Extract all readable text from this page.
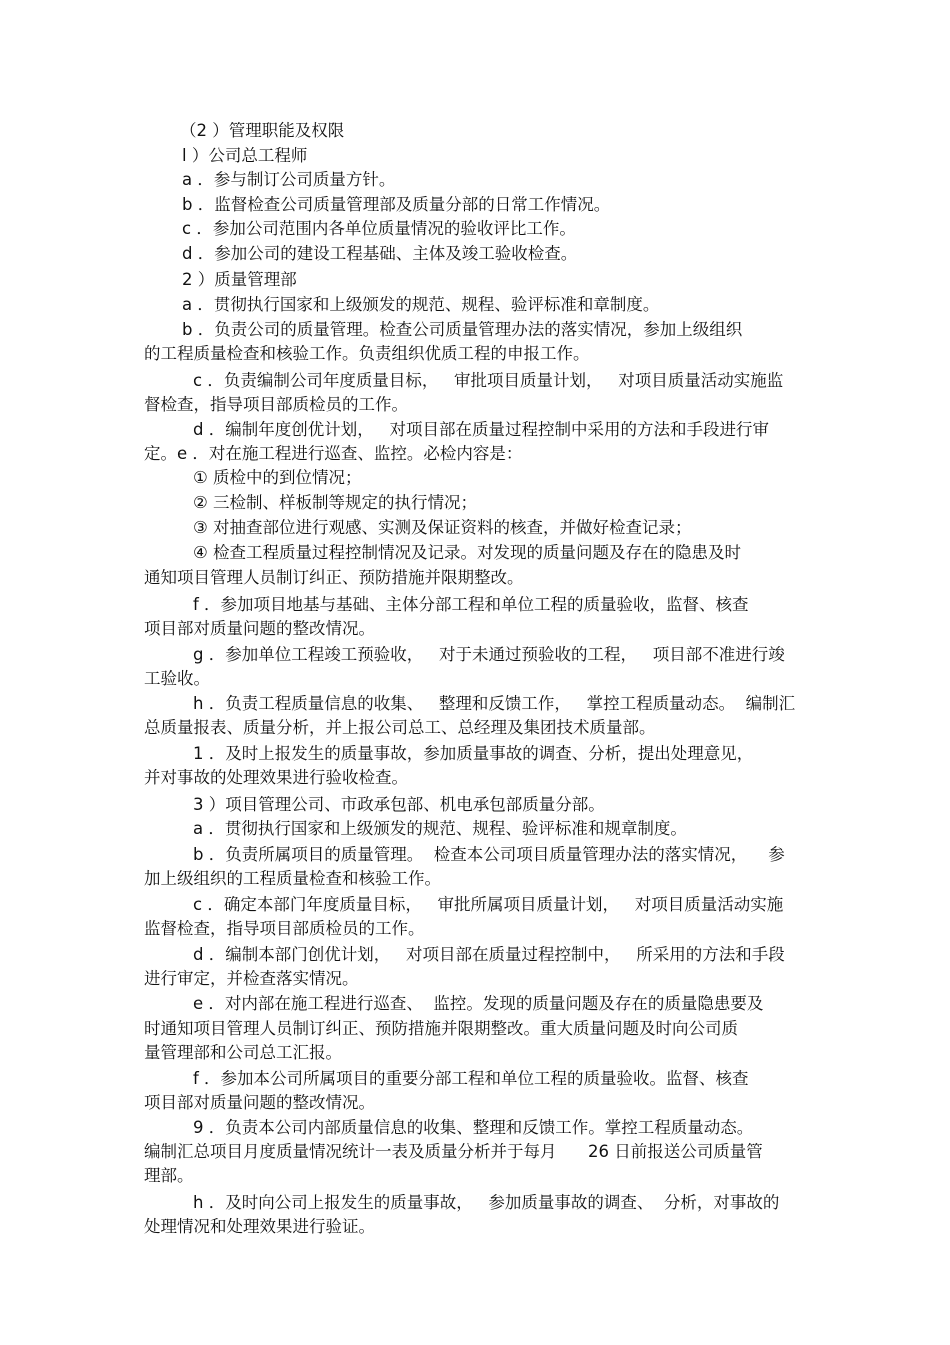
（2 ）管理职能及权限
l ）公司总工程师
a ．参与制订公司质量方针。
b ．监督检查公司质量管理部及质量分部的日常工作情况。
c ．参加公司范围内各单位质量情况的验收评比工作。
d ．参加公司的建设工程基础、主体及竣工验收检查。
2 ）质量管理部
a ．贯彻执行国家和上级颁发的规范、规程、验评标准和章制度。
b ．负责公司的质量管理。检查公司质量管理办法的落实情况，参加上级组织
的工程质量检查和核验工作。负责组织优质工程的申报工作。
c ．负责编制公司年度质量目标，   审批项目质量计划，   对项目质量活动实施监
督检查，指导项目部质检员的工作。
d ．编制年度创优计划，   对项目部在质量过程控制中采用的方法和手段进行审
定。e ．对在施工程进行巡查、监控。必检内容是：
① 质检中的到位情况；
② 三检制、样板制等规定的执行情况；
③ 对抽查部位进行观感、实测及保证资料的核查，并做好检查记录；
④ 检查工程质量过程控制情况及记录。对发现的质量问题及存在的隐患及时
通知项目管理人员制订纠正、预防措施并限期整改。
f ．参加项目地基与基础、主体分部工程和单位工程的质量验收，监督、核查
项目部对质量问题的整改情况。
g ．参加单位工程竣工预验收，   对于未通过预验收的工程，   项目部不准进行竣
工验收。
h ．负责工程质量信息的收集、   整理和反馈工作，   掌控工程质量动态。  编制汇
总质量报表、质量分析，并上报公司总工、总经理及集团技术质量部。
1 ．及时上报发生的质量事故，参加质量事故的调查、分析，提出处理意见，
并对事故的处理效果进行验收检查。
3 ）项目管理公司、市政承包部、机电承包部质量分部。
a ．贯彻执行国家和上级颁发的规范、规程、验评标准和规章制度。
b ．负责所属项目的质量管理。  检查本公司项目质量管理办法的落实情况，    参
加上级组织的工程质量检查和核验工作。
c ．确定本部门年度质量目标，   审批所属项目质量计划，   对项目质量活动实施
监督检查，指导项目部质检员的工作。
d ．编制本部门创优计划，   对项目部在质量过程控制中，   所采用的方法和手段
进行审定，并检查落实情况。
e ．对内部在施工程进行巡查、  监控。发现的质量问题及存在的质量隐患要及
时通知项目管理人员制订纠正、预防措施并限期整改。重大质量问题及时向公司质
量管理部和公司总工汇报。
f ．参加本公司所属项目的重要分部工程和单位工程的质量验收。监督、核查
项目部对质量问题的整改情况。
9 ．负责本公司内部质量信息的收集、整理和反馈工作。掌控工程质量动态。
编制汇总项目月度质量情况统计一表及质量分析并于每月      26 日前报送公司质量管
理部。
h ．及时向公司上报发生的质量事故，   参加质量事故的调查、  分析，对事故的
处理情况和处理效果进行验证。
